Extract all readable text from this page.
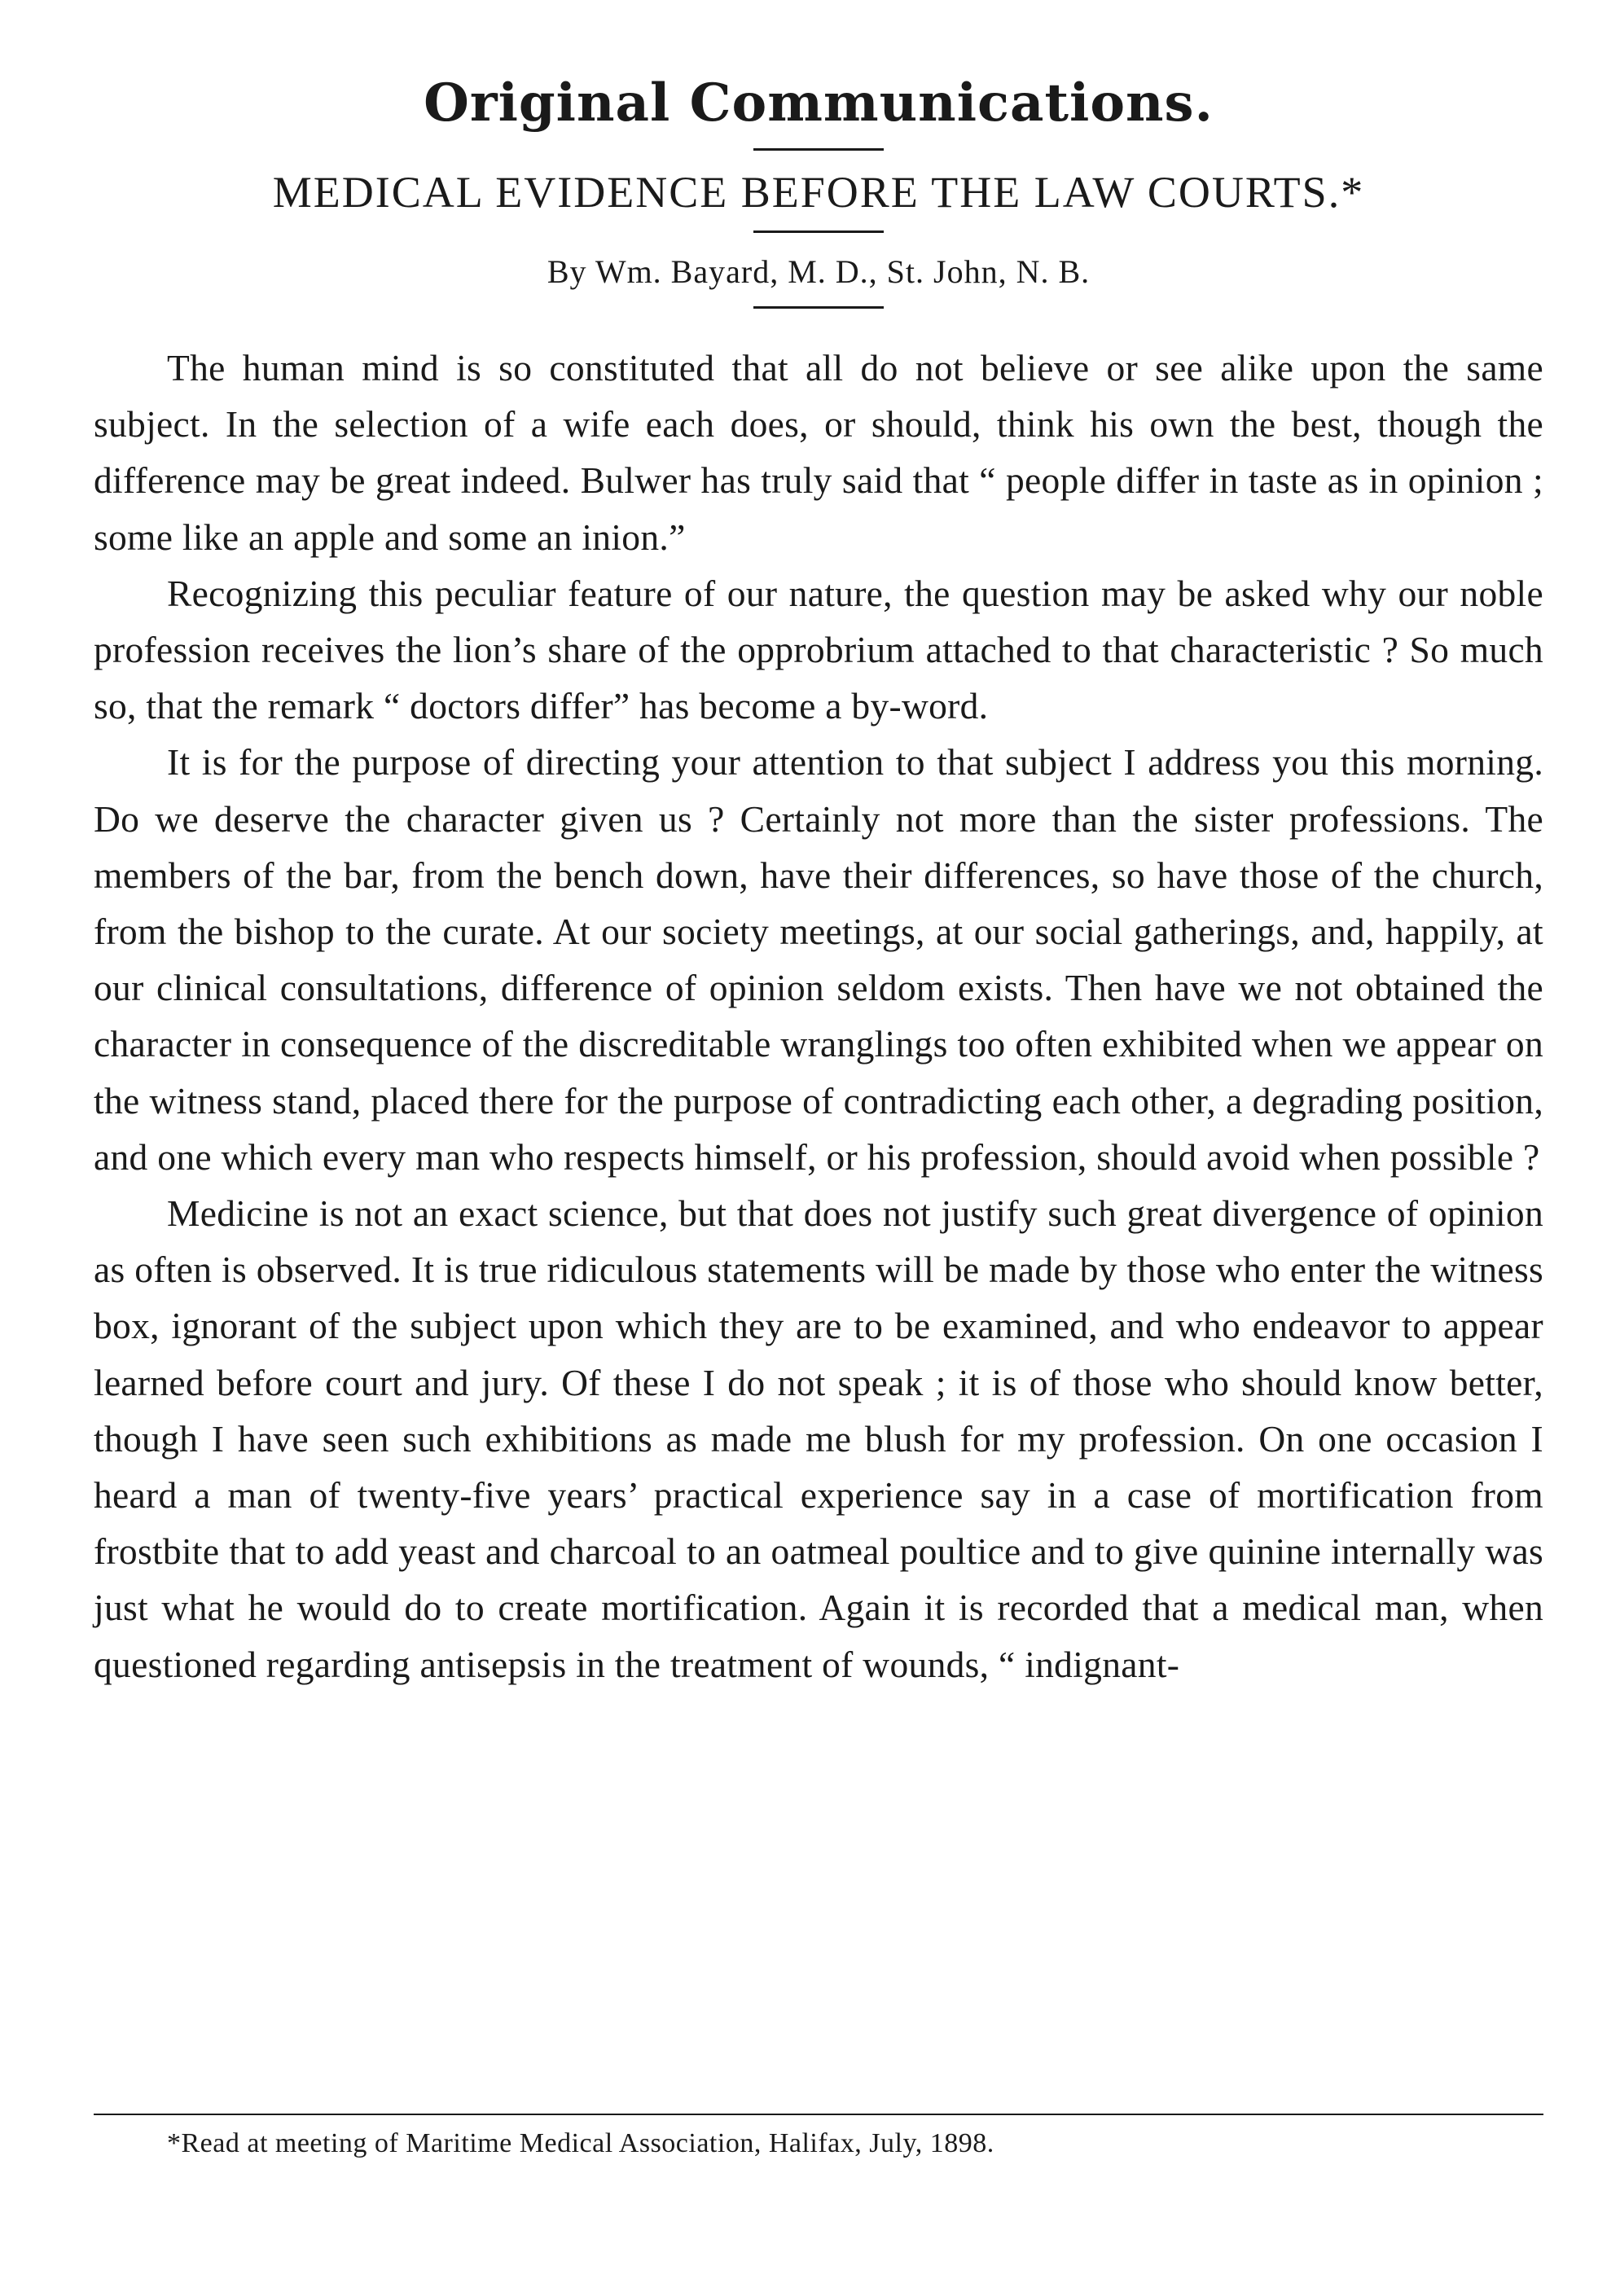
Original Communications.
MEDICAL EVIDENCE BEFORE THE LAW COURTS.*
By Wm. Bayard, M. D., St. John, N. B.

The human mind is so constituted that all do not believe or see alike upon the same subject. In the selection of a wife each does, or should, think his own the best, though the difference may be great indeed. Bulwer has truly said that “ people differ in taste as in opinion ; some like an apple and some an inion.”

Recognizing this peculiar feature of our nature, the question may be asked why our noble profession receives the lion’s share of the opprobrium attached to that characteristic ? So much so, that the remark “ doctors differ” has become a by-word.

It is for the purpose of directing your attention to that subject I address you this morning. Do we deserve the character given us ? Certainly not more than the sister professions. The members of the bar, from the bench down, have their differences, so have those of the church, from the bishop to the curate. At our society meetings, at our social gatherings, and, happily, at our clinical consultations, difference of opinion seldom exists. Then have we not obtained the character in consequence of the discreditable wranglings too often exhibited when we appear on the witness stand, placed there for the purpose of contradicting each other, a degrading position, and one which every man who respects himself, or his profession, should avoid when possible ?

Medicine is not an exact science, but that does not justify such great divergence of opinion as often is observed. It is true ridiculous statements will be made by those who enter the witness box, ignorant of the subject upon which they are to be examined, and who endeavor to appear learned before court and jury. Of these I do not speak ; it is of those who should know better, though I have seen such exhibitions as made me blush for my profession. On one occasion I heard a man of twenty-five years’ practical experience say in a case of mortification from frostbite that to add yeast and charcoal to an oatmeal poultice and to give quinine internally was just what he would do to create mortification. Again it is recorded that a medical man, when questioned regarding antisepsis in the treatment of wounds, “ indignant-

*Read at meeting of Maritime Medical Association, Halifax, July, 1898.
